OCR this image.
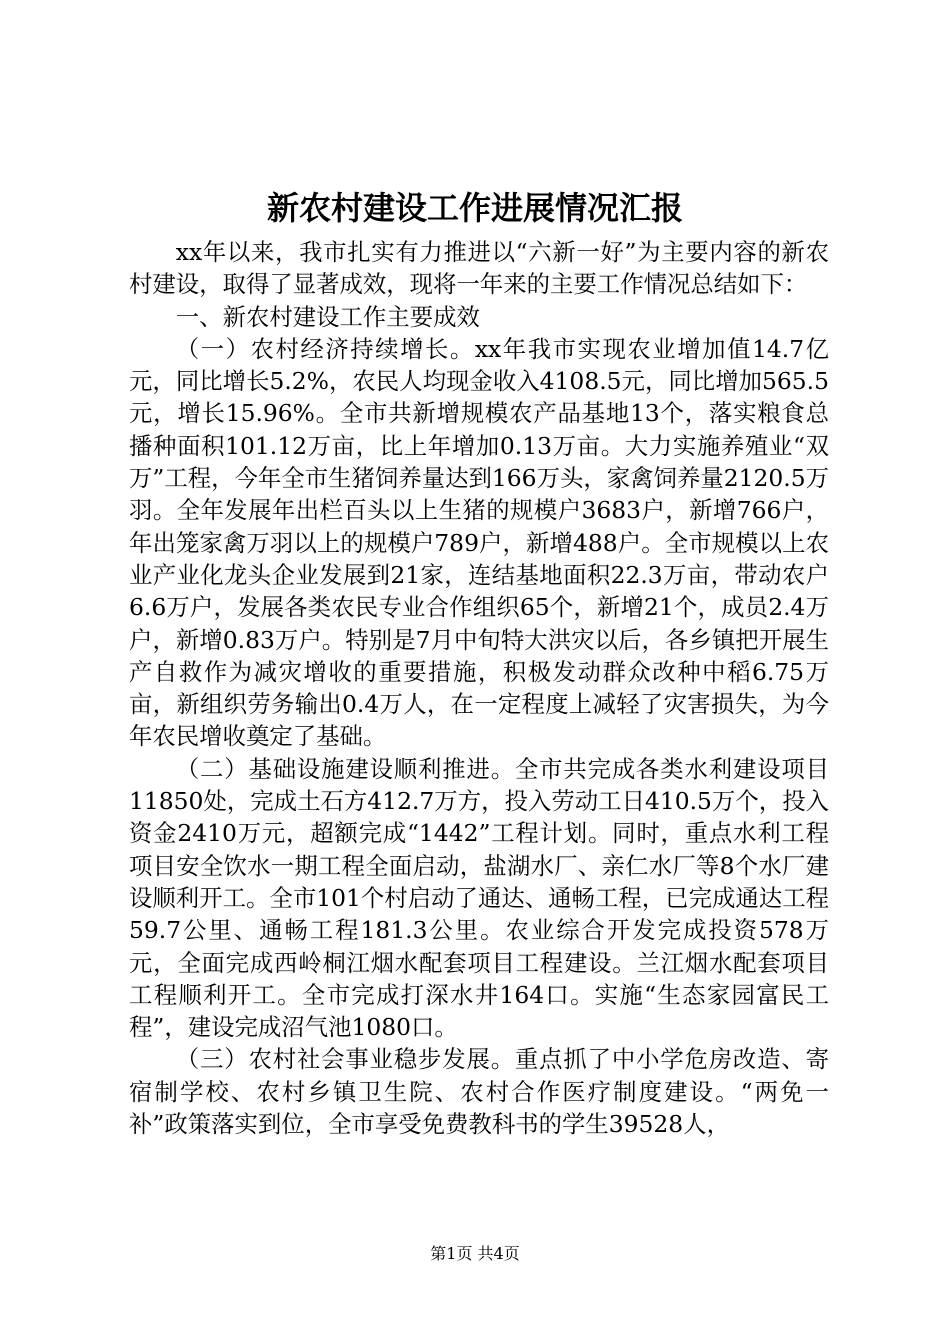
新农村建设工作进展情况汇报

xx年以来，我市扎实有力推进以“六新一好”为主要内容的新农村建设，取得了显著成效，现将一年来的主要工作情况总结如下：

一、新农村建设工作主要成效

（一）农村经济持续增长。xx年我市实现农业增加值14.7亿元，同比增长5.2%，农民人均现金收入4108.5元，同比增加565.5元，增长15.96%。全市共新增规模农产品基地13个，落实粮食总播种面积101.12万亩，比上年增加0.13万亩。大力实施养殖业“双万”工程，今年全市生猪饲养量达到166万头，家禽饲养量2120.5万羽。全年发展年出栏百头以上生猪的规模户3683户，新增766户，年出笼家禽万羽以上的规模户789户，新增488户。全市规模以上农业产业化龙头企业发展到21家，连结基地面积22.3万亩，带动农户6.6万户，发展各类农民专业合作组织65个，新增21个，成员2.4万户，新增0.83万户。特别是7月中旬特大洪灾以后，各乡镇把开展生产自救作为减灾增收的重要措施，积极发动群众改种中稻6.75万亩，新组织劳务输出0.4万人，在一定程度上减轻了灾害损失，为今年农民增收奠定了基础。

（二）基础设施建设顺利推进。全市共完成各类水利建设项目11850处，完成土石方412.7万方，投入劳动工日410.5万个，投入资金2410万元，超额完成“1442”工程计划。同时，重点水利工程项目安全饮水一期工程全面启动，盐湖水厂、亲仁水厂等8个水厂建设顺利开工。全市101个村启动了通达、通畅工程，已完成通达工程59.7公里、通畅工程181.3公里。农业综合开发完成投资578万元，全面完成西岭桐江烟水配套项目工程建设。兰江烟水配套项目工程顺利开工。全市完成打深水井164口。实施“生态家园富民工程”，建设完成沼气池1080口。

（三）农村社会事业稳步发展。重点抓了中小学危房改造、寄宿制学校、农村乡镇卫生院、农村合作医疗制度建设。“两免一补”政策落实到位，全市享受免费教科书的学生39528人，

第1页 共4页
